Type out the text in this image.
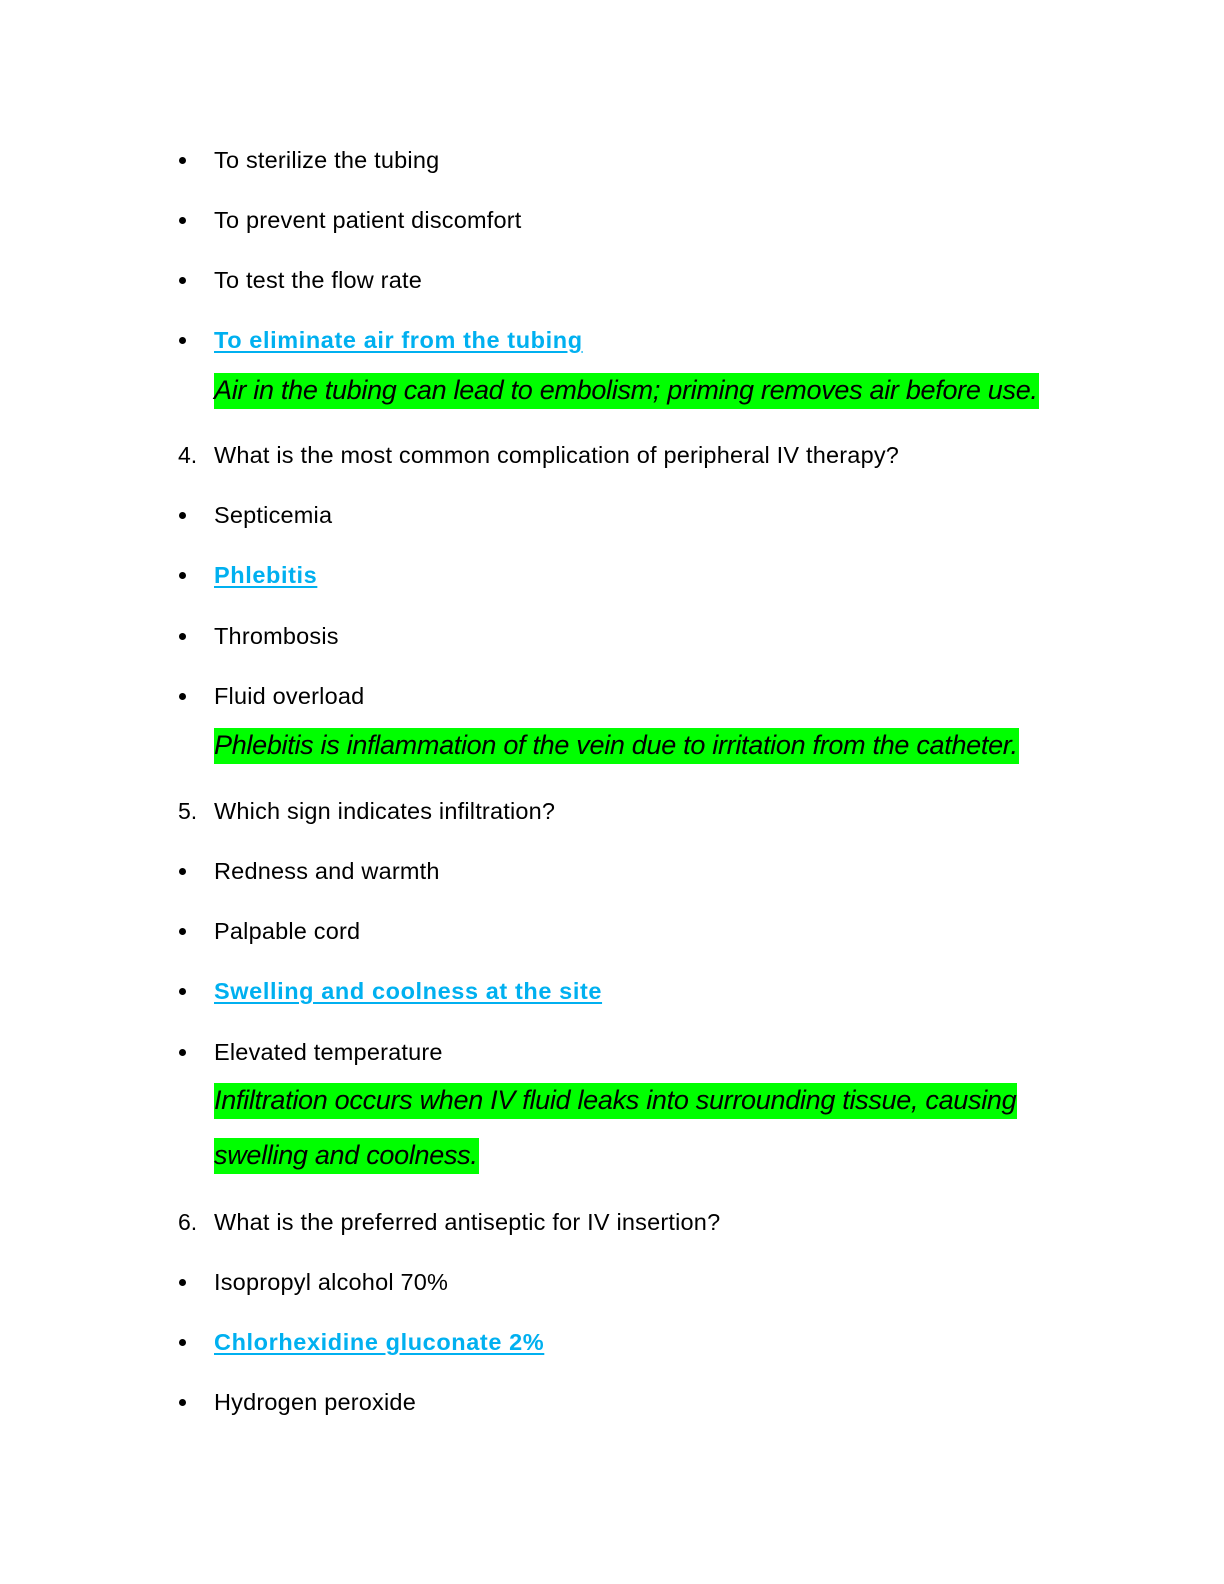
To sterilize the tubing
To prevent patient discomfort
To test the flow rate
To eliminate air from the tubing
Air in the tubing can lead to embolism; priming removes air before use.
4. What is the most common complication of peripheral IV therapy?
Septicemia
Phlebitis
Thrombosis
Fluid overload
Phlebitis is inflammation of the vein due to irritation from the catheter.
5. Which sign indicates infiltration?
Redness and warmth
Palpable cord
Swelling and coolness at the site
Elevated temperature
Infiltration occurs when IV fluid leaks into surrounding tissue, causing
swelling and coolness.
6. What is the preferred antiseptic for IV insertion?
Isopropyl alcohol 70%
Chlorhexidine gluconate 2%
Hydrogen peroxide
